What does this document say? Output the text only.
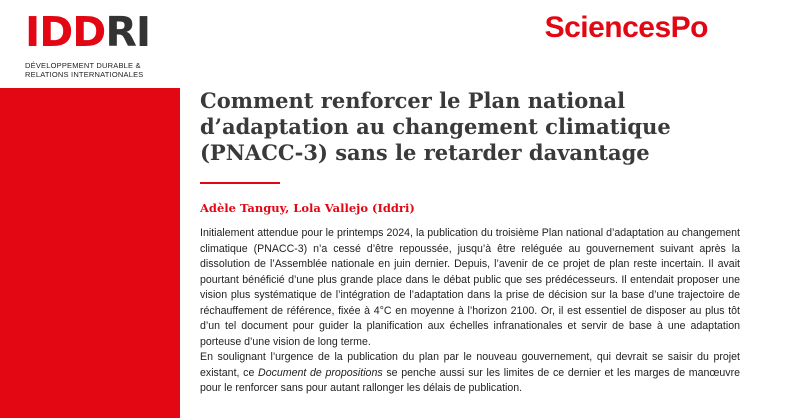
IDDRI
DÉVELOPPEMENT DURABLE &
RELATIONS INTERNATIONALES
SciencesPo
Comment renforcer le Plan national d’adaptation au changement climatique (PNACC-3) sans le retarder davantage
Adèle Tanguy, Lola Vallejo (Iddri)

Initialement attendue pour le printemps 2024, la publication du troisième Plan national d’adaptation au changement climatique (PNACC-3) n’a cessé d’être repoussée, jusqu’à être reléguée au gouvernement suivant après la dissolution de l’Assemblée nationale en juin dernier. Depuis, l’avenir de ce projet de plan reste incertain. Il avait pourtant bénéficié d’une plus grande place dans le débat public que ses prédécesseurs. Il entendait proposer une vision plus systématique de l’intégration de l’adaptation dans la prise de décision sur la base d’une trajectoire de réchauffement de référence, fixée à 4°C en moyenne à l’horizon 2100. Or, il est essentiel de disposer au plus tôt d’un tel document pour guider la planification aux échelles infranationales et servir de base à une adaptation porteuse d’une vision de long terme.

En soulignant l’urgence de la publication du plan par le nouveau gouvernement, qui devrait se saisir du projet existant, ce Document de propositions se penche aussi sur les limites de ce dernier et les marges de manœuvre pour le renforcer sans pour autant rallonger les délais de publication.
